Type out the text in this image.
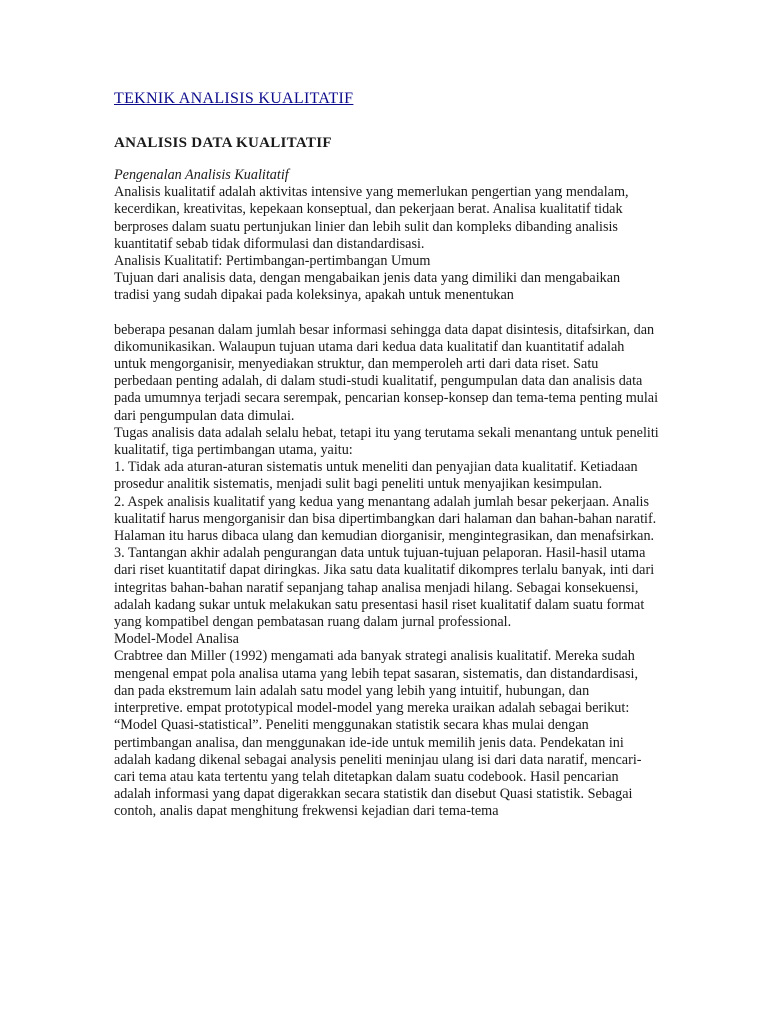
TEKNIK ANALISIS KUALITATIF
ANALISIS DATA KUALITATIF

Pengenalan Analisis Kualitatif

Analisis kualitatif adalah aktivitas intensive yang memerlukan pengertian yang mendalam, kecerdikan, kreativitas, kepekaan konseptual, dan pekerjaan berat. Analisa kualitatif tidak berproses dalam suatu pertunjukan linier dan lebih sulit dan kompleks dibanding analisis kuantitatif sebab tidak diformulasi dan distandardisasi.

Analisis Kualitatif: Pertimbangan-pertimbangan Umum

Tujuan dari analisis data, dengan mengabaikan jenis data yang dimiliki dan mengabaikan tradisi yang sudah dipakai pada koleksinya, apakah untuk menentukan

beberapa pesanan dalam jumlah besar informasi sehingga data dapat disintesis, ditafsirkan, dan dikomunikasikan. Walaupun tujuan utama dari kedua data kualitatif dan kuantitatif adalah untuk mengorganisir, menyediakan struktur, dan memperoleh arti dari data riset. Satu perbedaan penting adalah, di dalam studi-studi kualitatif, pengumpulan data dan analisis data pada umumnya terjadi secara serempak, pencarian konsep-konsep dan tema-tema penting mulai dari pengumpulan data dimulai.

Tugas analisis data adalah selalu hebat, tetapi itu yang terutama sekali menantang untuk peneliti kualitatif, tiga pertimbangan utama, yaitu:

1. Tidak ada aturan-aturan sistematis untuk meneliti dan penyajian data kualitatif. Ketiadaan prosedur analitik sistematis, menjadi sulit bagi peneliti untuk menyajikan kesimpulan.

2. Aspek analisis kualitatif yang kedua yang menantang adalah jumlah besar pekerjaan. Analis kualitatif harus mengorganisir dan bisa dipertimbangkan dari halaman dan bahan-bahan naratif. Halaman itu harus dibaca ulang dan kemudian diorganisir, mengintegrasikan, dan menafsirkan.

3. Tantangan akhir adalah pengurangan data untuk tujuan-tujuan pelaporan. Hasil-hasil utama dari riset kuantitatif dapat diringkas. Jika satu data kualitatif dikompres terlalu banyak, inti dari integritas bahan-bahan naratif sepanjang tahap analisa menjadi hilang. Sebagai konsekuensi, adalah kadang sukar untuk melakukan satu presentasi hasil riset kualitatif dalam suatu format yang kompatibel dengan pembatasan ruang dalam jurnal professional.

Model-Model Analisa

Crabtree dan Miller (1992) mengamati ada banyak strategi analisis kualitatif. Mereka sudah mengenal empat pola analisa utama yang lebih tepat sasaran, sistematis, dan distandardisasi, dan pada ekstremum lain adalah satu model yang lebih yang intuitif, hubungan, dan interpretive. empat prototypical model-model yang mereka uraikan adalah sebagai berikut:

“Model Quasi-statistical”. Peneliti menggunakan statistik secara khas mulai dengan pertimbangan analisa, dan menggunakan ide-ide untuk memilih jenis data. Pendekatan ini adalah kadang dikenal sebagai analysis peneliti meninjau ulang isi dari data naratif, mencari-cari tema atau kata tertentu yang telah ditetapkan dalam suatu codebook. Hasil pencarian adalah informasi yang dapat digerakkan secara statistik dan disebut Quasi statistik. Sebagai contoh, analis dapat menghitung frekwensi kejadian dari tema-tema
